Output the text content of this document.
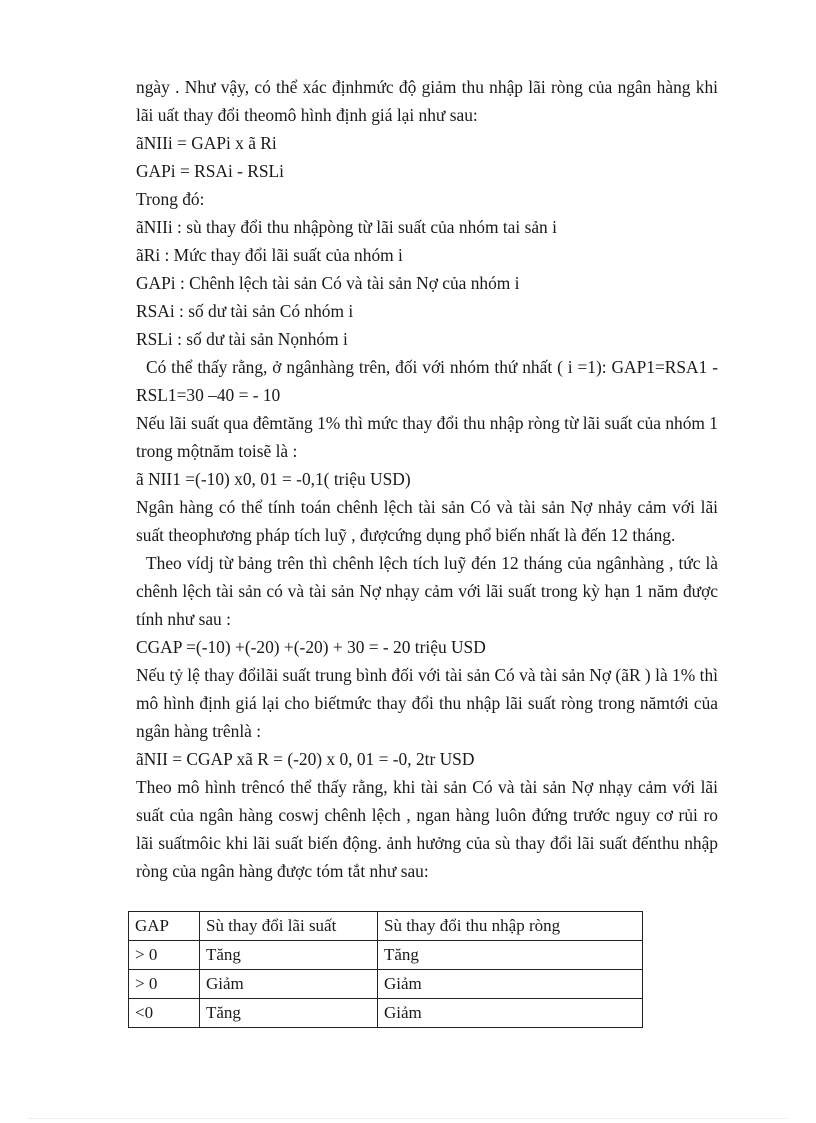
ngày . Như vậy, có thể xác địnhmức độ giảm thu nhập lãi ròng của ngân hàng khi lãi uất thay đổi theomô hình định giá lại như sau:

ãNIIi = GAPi x ã Ri

GAPi = RSAi - RSLi

Trong đó:

ãNIIi : sù thay đổi thu nhậpòng từ lãi suất của nhóm tai sản i

ãRi : Mức thay đổi lãi suất của nhóm i

GAPi : Chênh lệch tài sản Có và tài sản Nợ của nhóm i

RSAi : số dư tài sản Có nhóm i

RSLi : số dư tài sản Nọnhóm i

Có thể thấy rằng, ở ngânhàng trên, đối với nhóm thứ nhất ( i =1): GAP1=RSA1 - RSL1=30 –40 = - 10

Nếu lãi suất qua đêmtăng 1% thì mức thay đổi thu nhập ròng từ lãi suất của nhóm 1 trong mộtnăm toisẽ là :

ã NII1 =(-10) x0, 01 = -0,1( triệu USD)

Ngân hàng có thể tính toán chênh lệch tài sản Có và tài sản Nợ nhảy cảm với lãi suất theophương pháp tích luỹ , đượcứng dụng phổ biến nhất là đến 12 tháng.

Theo vídj từ bảng trên thì chênh lệch tích luỹ đén 12 tháng của ngânhàng , tức là chênh lệch tài sản có và tài sản Nợ nhạy cảm với lãi suất trong kỳ hạn 1 năm được tính như sau :

CGAP =(-10) +(-20) +(-20) + 30 = - 20 triệu USD

Nếu tỷ lệ thay đổilãi suất trung bình đối với tài sản Có và tài sản Nợ (ãR ) là 1% thì mô hình định giá lại cho biếtmức thay đổi thu nhập lãi suất ròng trong nămtới của ngân hàng trênlà :

ãNII = CGAP xã R = (-20) x 0, 01 = -0, 2tr USD

Theo mô hình trêncó thể thấy rằng, khi tài sản Có và tài sản Nợ nhạy cảm với lãi suất của ngân hàng coswj chênh lệch , ngan hàng luôn đứng trước nguy cơ rủi ro lãi suấtmôic khi lãi suất biến động. ảnh hưởng của sù thay đổi lãi suất đếnthu nhập ròng của ngân hàng được tóm tắt như sau:

GAP	Sù thay đổi lãi suất	Sù thay đổi thu nhập ròng
> 0	Tăng	Tăng
> 0	Giảm	Giảm
<0	Tăng	Giảm
